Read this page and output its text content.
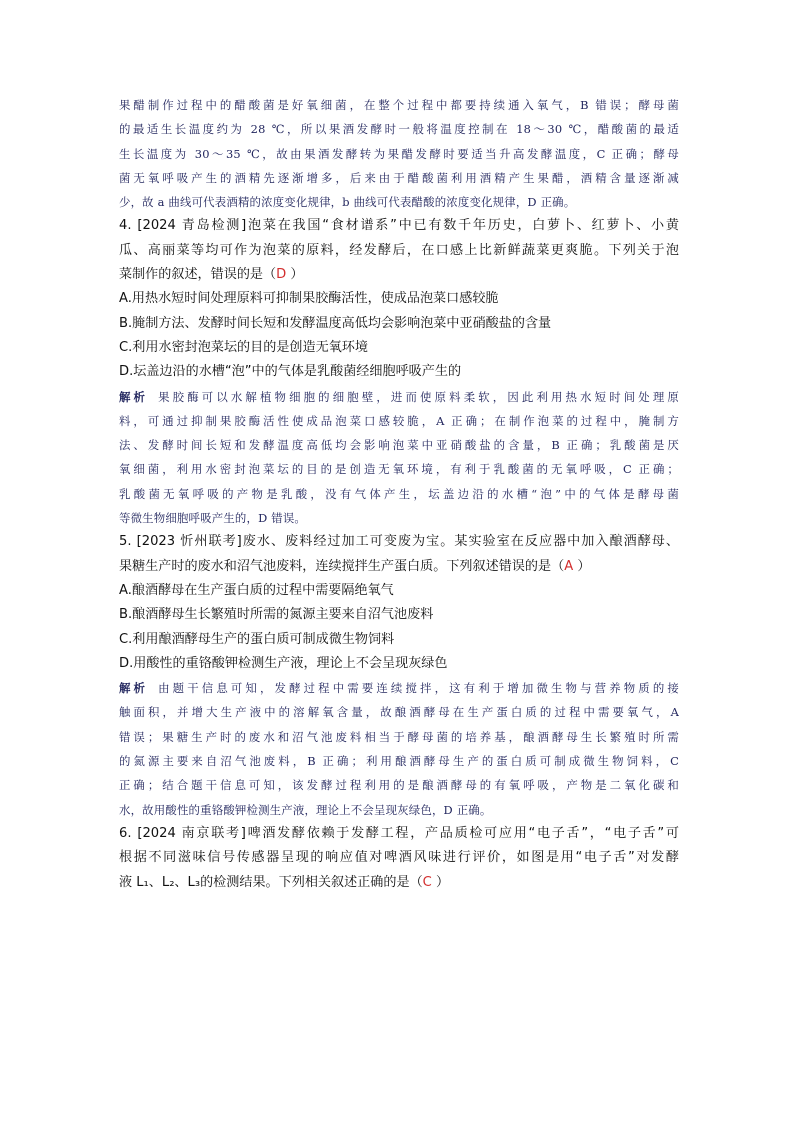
果醋制作过程中的醋酸菌是好氧细菌，在整个过程中都要持续通入氧气，B 错误；酵母菌

的最适生长温度约为 28 ℃，所以果酒发酵时一般将温度控制在 18～30 ℃，醋酸菌的最适

生长温度为 30～35 ℃，故由果酒发酵转为果醋发酵时要适当升高发酵温度，C 正确；酵母

菌无氧呼吸产生的酒精先逐渐增多，后来由于醋酸菌利用酒精产生果醋，酒精含量逐渐减

少，故 a 曲线可代表酒精的浓度变化规律，b 曲线可代表醋酸的浓度变化规律，D 正确。

4. [2024 青岛检测]泡菜在我国“食材谱系”中已有数千年历史，白萝卜、红萝卜、小黄

瓜、高丽菜等均可作为泡菜的原料，经发酵后，在口感上比新鲜蔬菜更爽脆。下列关于泡

菜制作的叙述，错误的是（D ）

A.用热水短时间处理原料可抑制果胶酶活性，使成品泡菜口感较脆

B.腌制方法、发酵时间长短和发酵温度高低均会影响泡菜中亚硝酸盐的含量

C.利用水密封泡菜坛的目的是创造无氧环境

D.坛盖边沿的水槽“泡”中的气体是乳酸菌经细胞呼吸产生的

解析 果胶酶可以水解植物细胞的细胞壁，进而使原料柔软，因此利用热水短时间处理原

料，可通过抑制果胶酶活性使成品泡菜口感较脆，A 正确；在制作泡菜的过程中，腌制方

法、发酵时间长短和发酵温度高低均会影响泡菜中亚硝酸盐的含量，B 正确；乳酸菌是厌

氧细菌，利用水密封泡菜坛的目的是创造无氧环境，有利于乳酸菌的无氧呼吸，C 正确；

乳酸菌无氧呼吸的产物是乳酸，没有气体产生，坛盖边沿的水槽“泡”中的气体是酵母菌

等微生物细胞呼吸产生的，D 错误。

5. [2023 忻州联考]废水、废料经过加工可变废为宝。某实验室在反应器中加入酿酒酵母、

果糖生产时的废水和沼气池废料，连续搅拌生产蛋白质。下列叙述错误的是（A ）

A.酿酒酵母在生产蛋白质的过程中需要隔绝氧气

B.酿酒酵母生长繁殖时所需的氮源主要来自沼气池废料

C.利用酿酒酵母生产的蛋白质可制成微生物饲料

D.用酸性的重铬酸钾检测生产液，理论上不会呈现灰绿色

解析 由题干信息可知，发酵过程中需要连续搅拌，这有利于增加微生物与营养物质的接

触面积，并增大生产液中的溶解氧含量，故酿酒酵母在生产蛋白质的过程中需要氧气，A

错误；果糖生产时的废水和沼气池废料相当于酵母菌的培养基，酿酒酵母生长繁殖时所需

的氮源主要来自沼气池废料，B 正确；利用酿酒酵母生产的蛋白质可制成微生物饲料，C

正确；结合题干信息可知，该发酵过程利用的是酿酒酵母的有氧呼吸，产物是二氧化碳和

水，故用酸性的重铬酸钾检测生产液，理论上不会呈现灰绿色，D 正确。

6. [2024 南京联考]啤酒发酵依赖于发酵工程，产品质检可应用“电子舌”，“电子舌”可

根据不同滋味信号传感器呈现的响应值对啤酒风味进行评价，如图是用“电子舌”对发酵

液 L₁、L₂、L₃的检测结果。下列相关叙述正确的是（C ）
